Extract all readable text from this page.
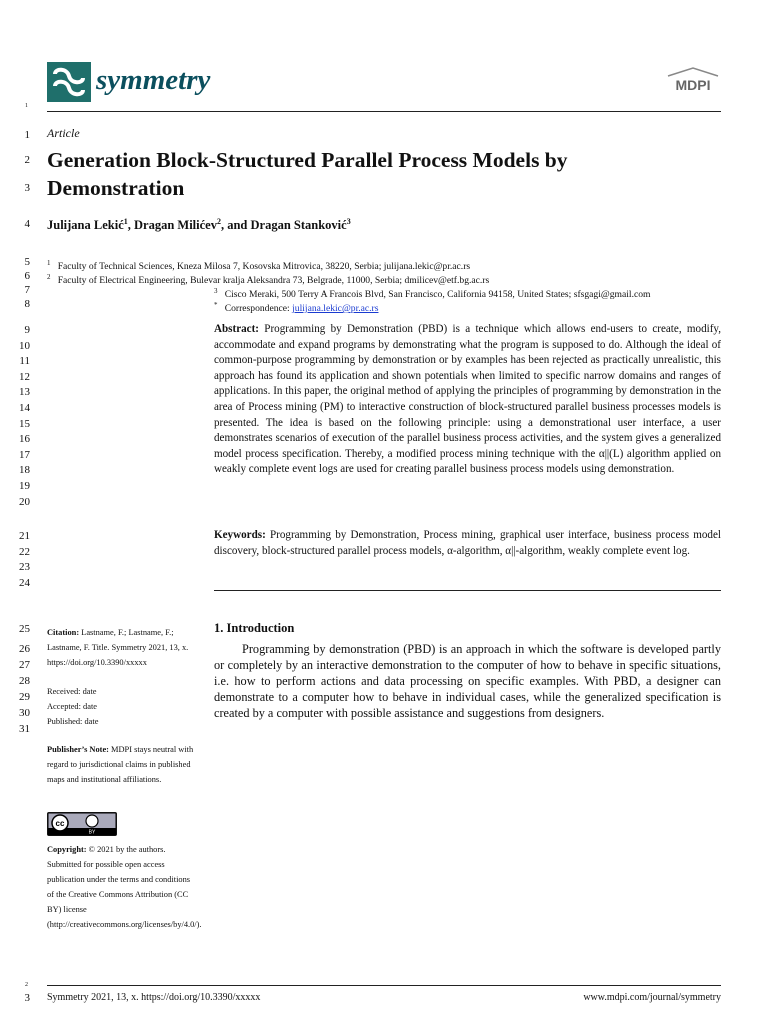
symmetry	MDPI
1
1
2
3
4
5
6
7
8
9
10
11
12
13
14
15
16
17
18
19
20
21
22
23
24
25
26
27
28
29
30
31
Article
Generation Block-Structured Parallel Process Models by Demonstration
Julijana Lekić$^1$, Dragan Milićev$^2$, and Dragan Stanković$^3$
$^1$ Faculty of Technical Sciences, Kneza Milosa 7, Kosovska Mitrovica, 38220, Serbia; julijana.lekic@pr.ac.rs
$^2$ Faculty of Electrical Engineering, Bulevar kralja Aleksandra 73, Belgrade, 11000, Serbia; dmilicev@etf.bg.ac.rs
$^3$ Cisco Meraki, 500 Terry A Francois Blvd, San Francisco, California 94158, United States; sfsgagi@gmail.com
* Correspondence: julijana.lekic@pr.ac.rs
Abstract: Programming by Demonstration (PBD) is a technique which allows end-users to create, modify, accommodate and expand programs by demonstrating what the program is supposed to do. Although the ideal of common-purpose programming by demonstration or by examples has been rejected as practically unrealistic, this approach has found its application and shown potentials when limited to specific narrow domains and ranges of applications. In this paper, the original method of applying the principles of programming by demonstration in the area of Process mining (PM) to interactive construction of block-structured parallel business processes models is presented. The idea is based on the following principle: using a demonstrational user interface, a user demonstrates scenarios of execution of the parallel business process activities, and the system gives a generalized model process specification. Thereby, a modified process mining technique with the α||(L) algorithm applied on weakly complete event logs are used for creating parallel business process models using demonstration.
Keywords: Programming by Demonstration, Process mining, graphical user interface, business process model discovery, block-structured parallel process models, α-algorithm, α||-algorithm, weakly complete event log.
Citation: Lastname, F.; Lastname, F.; Lastname, F. Title. Symmetry 2021, 13, x. https://doi.org/10.3390/xxxxx
Received: date
Accepted: date
Published: date
Publisher’s Note: MDPI stays neutral with regard to jurisdictional claims in published maps and institutional affiliations.
cc
BY
Copyright: © 2021 by the authors. Submitted for possible open access publication under the terms and conditions of the Creative Commons Attribution (CC BY) license (http://creativecommons.org/licenses/by/4.0/).
1. Introduction
Programming by demonstration (PBD) is an approach in which the software is developed partly or completely by an interactive demonstration to the computer of how to behave in specific situations, i.e. how to perform actions and data processing on specific examples. With PBD, a designer can demonstrate to a computer how to behave in individual cases, while the generalized specification is created by a computer with possible assistance and suggestions from designers.
2
3 Symmetry 2021, 13, x. https://doi.org/10.3390/xxxxx	www.mdpi.com/journal/symmetry
